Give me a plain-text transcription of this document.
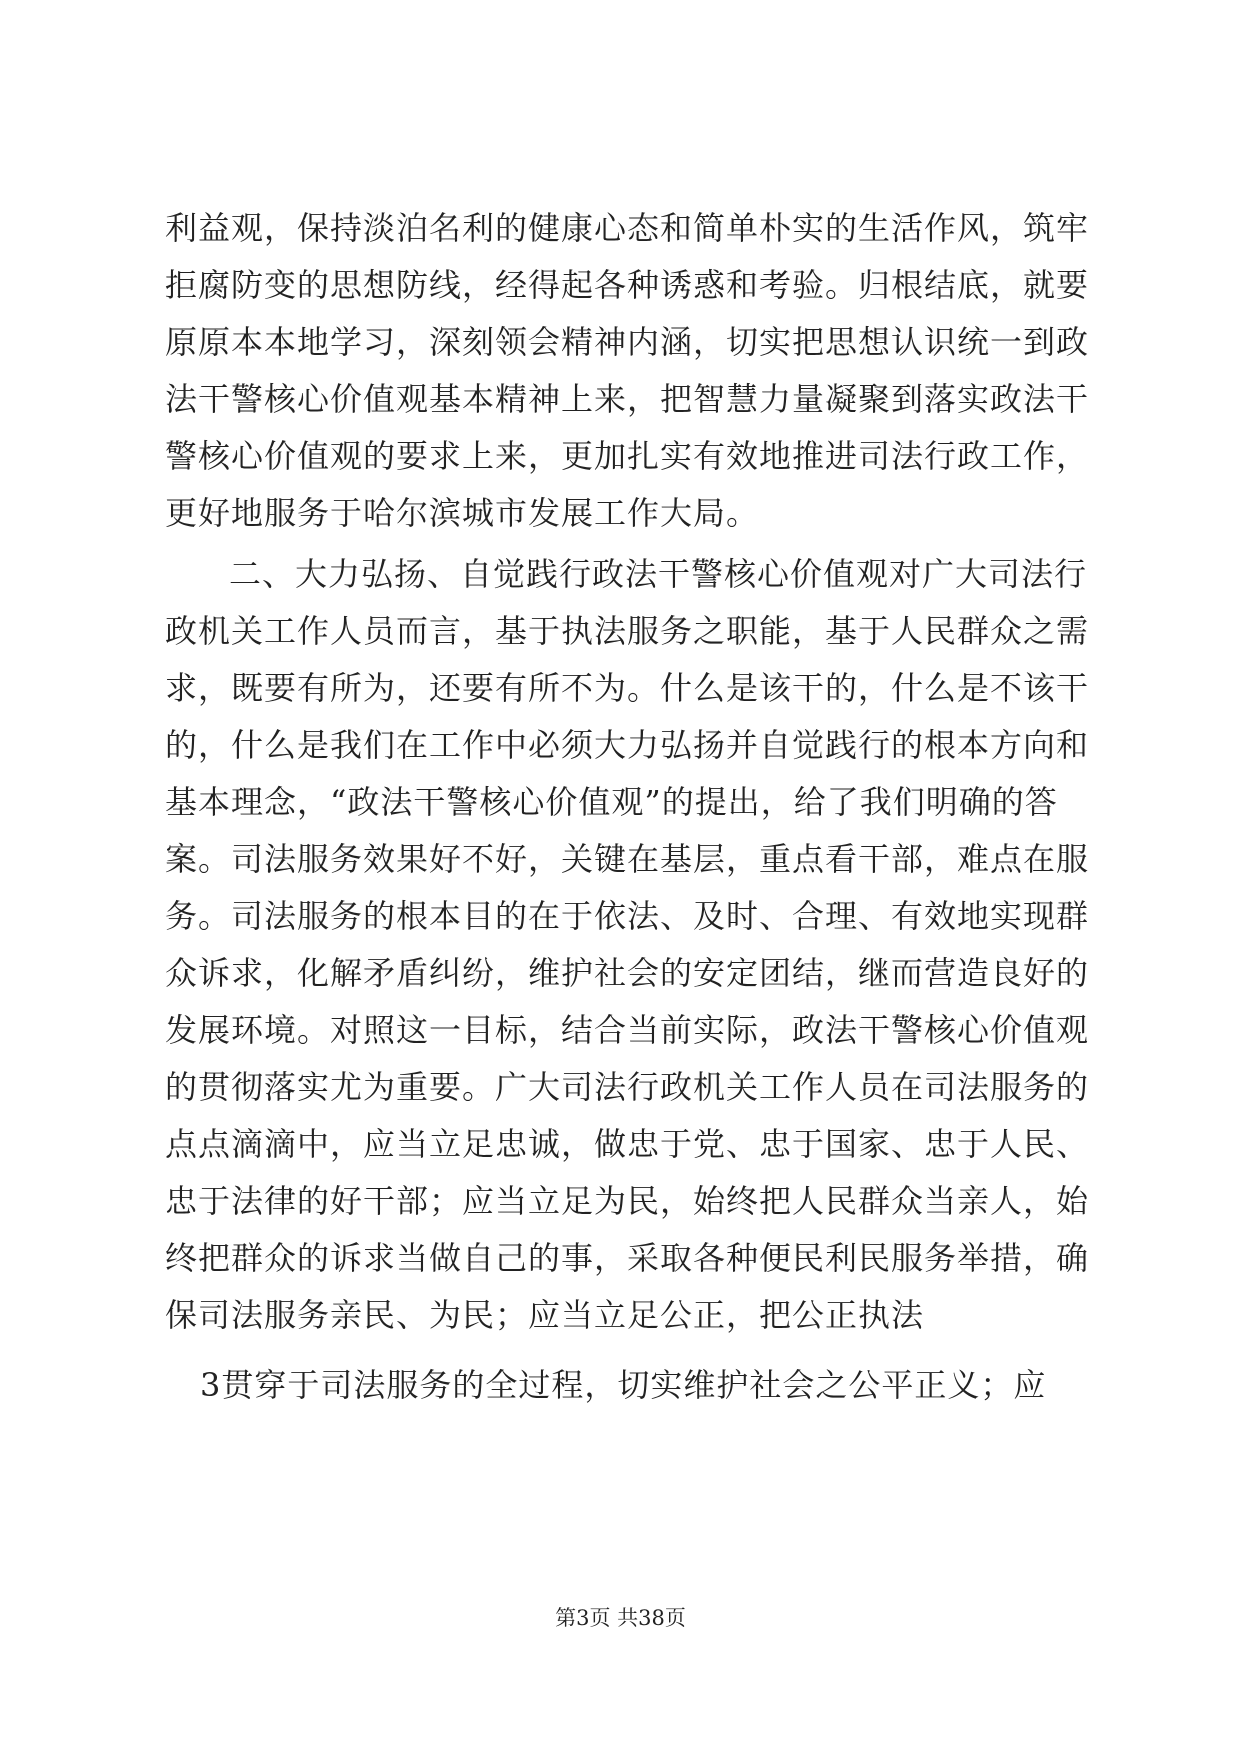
利益观，保持淡泊名利的健康心态和简单朴实的生活作风，筑牢
拒腐防变的思想防线，经得起各种诱惑和考验。归根结底，就要
原原本本地学习，深刻领会精神内涵，切实把思想认识统一到政
法干警核心价值观基本精神上来，把智慧力量凝聚到落实政法干
警核心价值观的要求上来，更加扎实有效地推进司法行政工作，
更好地服务于哈尔滨城市发展工作大局。
二、大力弘扬、自觉践行政法干警核心价值观对广大司法行
政机关工作人员而言，基于执法服务之职能，基于人民群众之需
求，既要有所为，还要有所不为。什么是该干的，什么是不该干
的，什么是我们在工作中必须大力弘扬并自觉践行的根本方向和
基本理念，“政法干警核心价值观”的提出，给了我们明确的答
案。司法服务效果好不好，关键在基层，重点看干部，难点在服
务。司法服务的根本目的在于依法、及时、合理、有效地实现群
众诉求，化解矛盾纠纷，维护社会的安定团结，继而营造良好的
发展环境。对照这一目标，结合当前实际，政法干警核心价值观
的贯彻落实尤为重要。广大司法行政机关工作人员在司法服务的
点点滴滴中，应当立足忠诚，做忠于党、忠于国家、忠于人民、
忠于法律的好干部；应当立足为民，始终把人民群众当亲人，始
终把群众的诉求当做自己的事，采取各种便民利民服务举措，确
保司法服务亲民、为民；应当立足公正，把公正执法
3贯穿于司法服务的全过程，切实维护社会之公平正义；应
第3页 共38页
